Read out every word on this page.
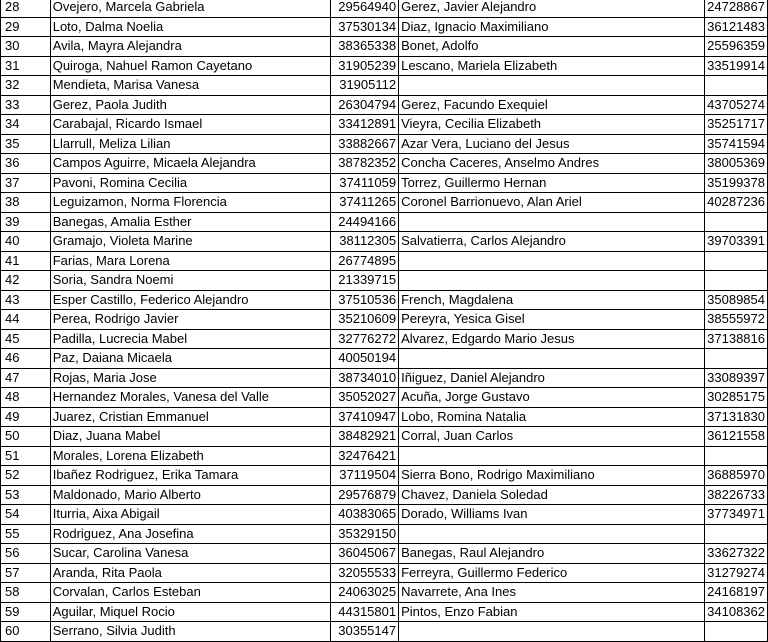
28	Ovejero, Marcela Gabriela	29564940	Gerez, Javier Alejandro	24728867
29	Loto, Dalma Noelia	37530134	Diaz, Ignacio Maximiliano	36121483
30	Avila, Mayra Alejandra	38365338	Bonet, Adolfo	25596359
31	Quiroga, Nahuel Ramon Cayetano	31905239	Lescano, Mariela Elizabeth	33519914
32	Mendieta, Marisa Vanesa	31905112		
33	Gerez, Paola Judith	26304794	Gerez, Facundo Exequiel	43705274
34	Carabajal, Ricardo Ismael	33412891	Vieyra, Cecilia Elizabeth	35251717
35	Llarrull, Meliza Lilian	33882667	Azar Vera, Luciano del Jesus	35741594
36	Campos Aguirre, Micaela Alejandra	38782352	Concha Caceres, Anselmo Andres	38005369
37	Pavoni, Romina Cecilia	37411059	Torrez, Guillermo Hernan	35199378
38	Leguizamon, Norma Florencia	37411265	Coronel Barrionuevo, Alan Ariel	40287236
39	Banegas, Amalia Esther	24494166		
40	Gramajo, Violeta Marine	38112305	Salvatierra, Carlos Alejandro	39703391
41	Farias, Mara Lorena	26774895		
42	Soria, Sandra Noemi	21339715		
43	Esper Castillo, Federico Alejandro	37510536	French, Magdalena	35089854
44	Perea, Rodrigo Javier	35210609	Pereyra, Yesica Gisel	38555972
45	Padilla, Lucrecia Mabel	32776272	Alvarez, Edgardo Mario Jesus	37138816
46	Paz, Daiana Micaela	40050194		
47	Rojas, Maria Jose	38734010	Iñiguez, Daniel Alejandro	33089397
48	Hernandez Morales, Vanesa del Valle	35052027	Acuña, Jorge Gustavo	30285175
49	Juarez, Cristian Emmanuel	37410947	Lobo, Romina Natalia	37131830
50	Diaz, Juana Mabel	38482921	Corral, Juan Carlos	36121558
51	Morales, Lorena Elizabeth	32476421		
52	Ibañez Rodriguez, Erika Tamara	37119504	Sierra Bono, Rodrigo Maximiliano	36885970
53	Maldonado, Mario Alberto	29576879	Chavez, Daniela Soledad	38226733
54	Iturria, Aixa Abigail	40383065	Dorado, Williams Ivan	37734971
55	Rodriguez, Ana Josefina	35329150		
56	Sucar, Carolina Vanesa	36045067	Banegas, Raul Alejandro	33627322
57	Aranda, Rita Paola	32055533	Ferreyra, Guillermo Federico	31279274
58	Corvalan, Carlos Esteban	24063025	Navarrete, Ana Ines	24168197
59	Aguilar, Miquel Rocio	44315801	Pintos, Enzo Fabian	34108362
60	Serrano, Silvia Judith	30355147		
